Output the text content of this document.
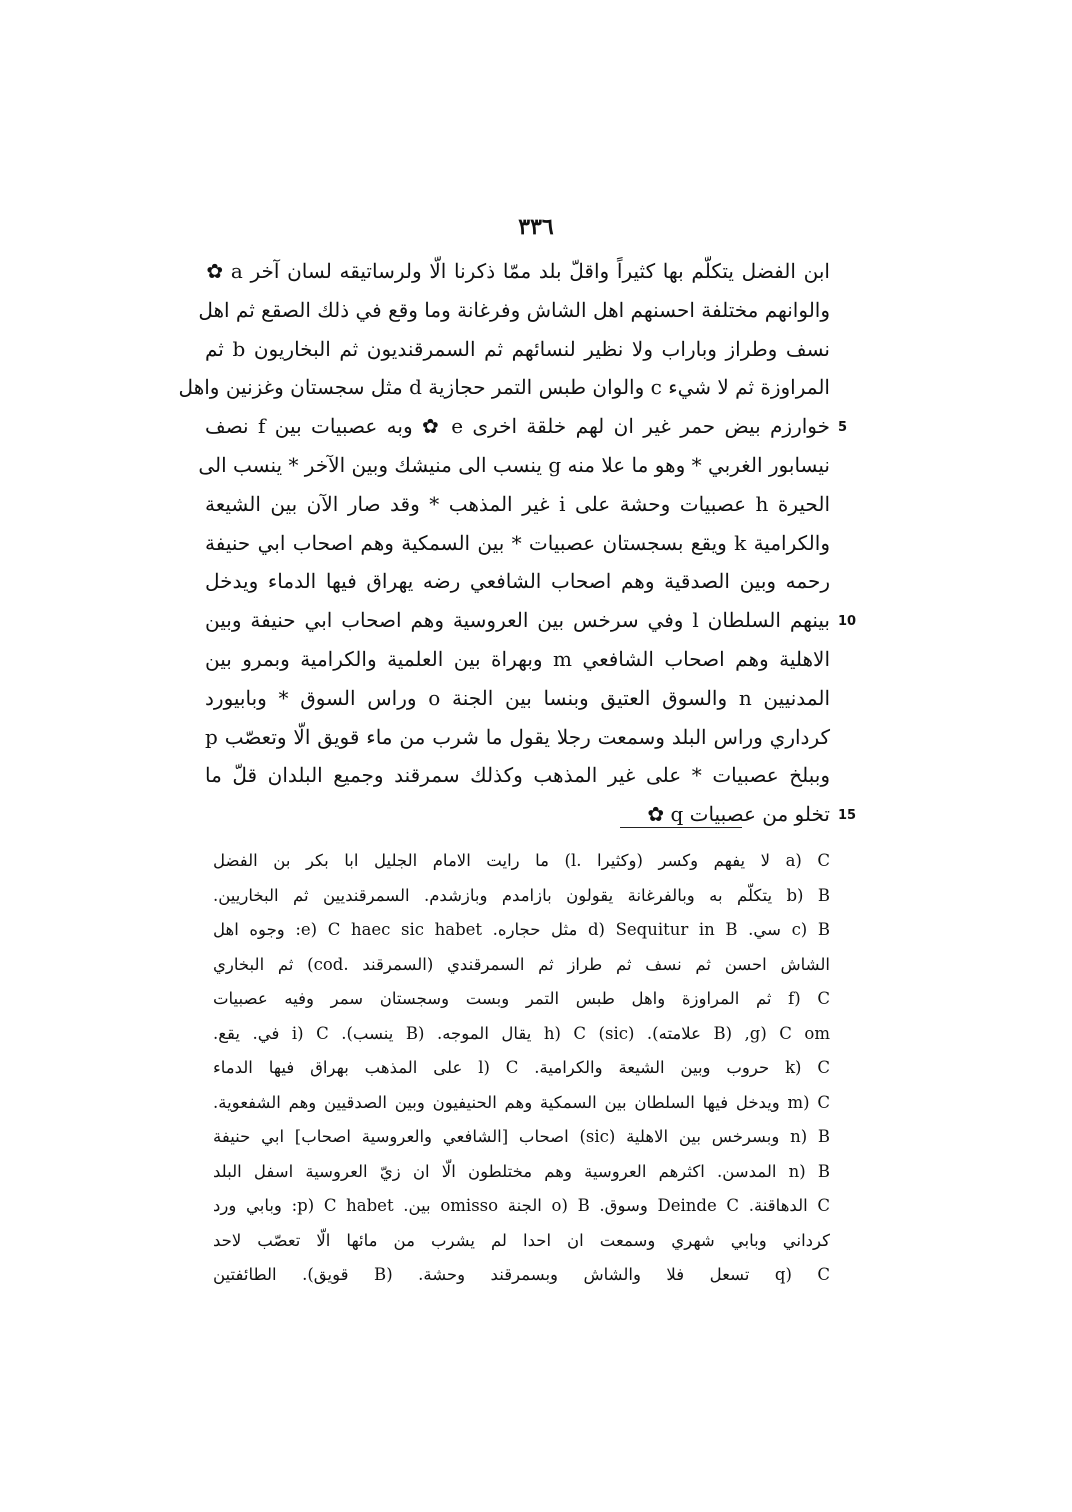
٣٣٦
ابن الفضل يتكلّم بها كثيراً واقلّ بلد ممّا ذكرنا الّا ولرساتيقه لسان آخر a ✿
والوانهم مختلفة احسنهم اهل الشاش وفرغانة وما وقع في ذلك الصقع ثم اهل
نسف وطراز وباراب ولا نظير لنسائهم ثم السمرقنديون ثم البخاريون b ثم
المراوزة ثم لا شيء c والوان طبس التمر حجازية d مثل سجستان وغزنين واهل
خوارزم بيض حمر غير ان لهم خلقة اخرى e ✿ وبه عصبيات بين f نصف
نيسابور الغربي * وهو ما علا منه g ينسب الى منيشك وبين الآخر * ينسب الى
الحيرة h عصبيات وحشة على i غير المذهب * وقد صار الآن بين الشيعة
والكرامية k ويقع بسجستان عصبيات * بين السمكية وهم اصحاب ابي حنيفة
رحمه وبين الصدقية وهم اصحاب الشافعي رضه يهراق فيها الدماء ويدخل
بينهم السلطان l وفي سرخس بين العروسية وهم اصحاب ابي حنيفة وبين
الاهلية وهم اصحاب الشافعي m وبهراة بين العلمية والكرامية وبمرو بين
المدنيين n والسوق العتيق وبنسا بين الجنة o وراس السوق * وبابيورد
كرداري وراس البلد وسمعت رجلا يقول ما شرب من ماء قويق الّا وتعصّب p
وببلخ عصبيات * على غير المذهب وكذلك سمرقند وجميع البلدان قلّ ما
تخلو من عصبيات q ✿
5
10
15
a) C لا يفهم وكسر (وكثيرا .l) ما رايت الامام الجليل ابا بكر بن الفضل
b) B يتكلّم به وبالفرغانة يقولون بازامدم وبازشدم. السمرقنديين ثم البخاريين.
c) B سي. d) Sequitur in B مثل حجاره. e) C haec sic habet: وجوه اهل
الشاش احسن ثم نسف ثم طراز ثم السمرقندي (السمرقند .cod) ثم البخاري
f) C ثم المراوزة واهل طبس التمر وبست وسجستان سمر وفيه عصبيات
g) C om, (B علامته). h) C (sic) يقال الموجه. (B ينسب). i) C في. يقع.
k) C حروب وبين الشيعة والكرامية. l) C على المذهب بهراق فيها الدماء
m) C ويدخل فيها السلطان بين السمكية وهم الحنيفيون وبين الصدقيين وهم الشفعوية.
n) B وبسرخس بين الاهلية (sic) اصحاب [الشافعي والعروسية اصحاب] ابي حنيفة
n) B المدسن. اكثرهم العروسية وهم مختلطون الّا ان زيّ العروسية اسفل البلد
C الدهاقنة. Deinde C وسوق. o) B الجنة omisso بين. p) C habet: وبابي ورد
كرداني وبابي شهري وسمعت ان احدا لم يشرب من مائها الّا تعصّب لاحد
q) C تسعل فلا والشاش وبسمرقند وحشة. (B قويق). الطائفتين
